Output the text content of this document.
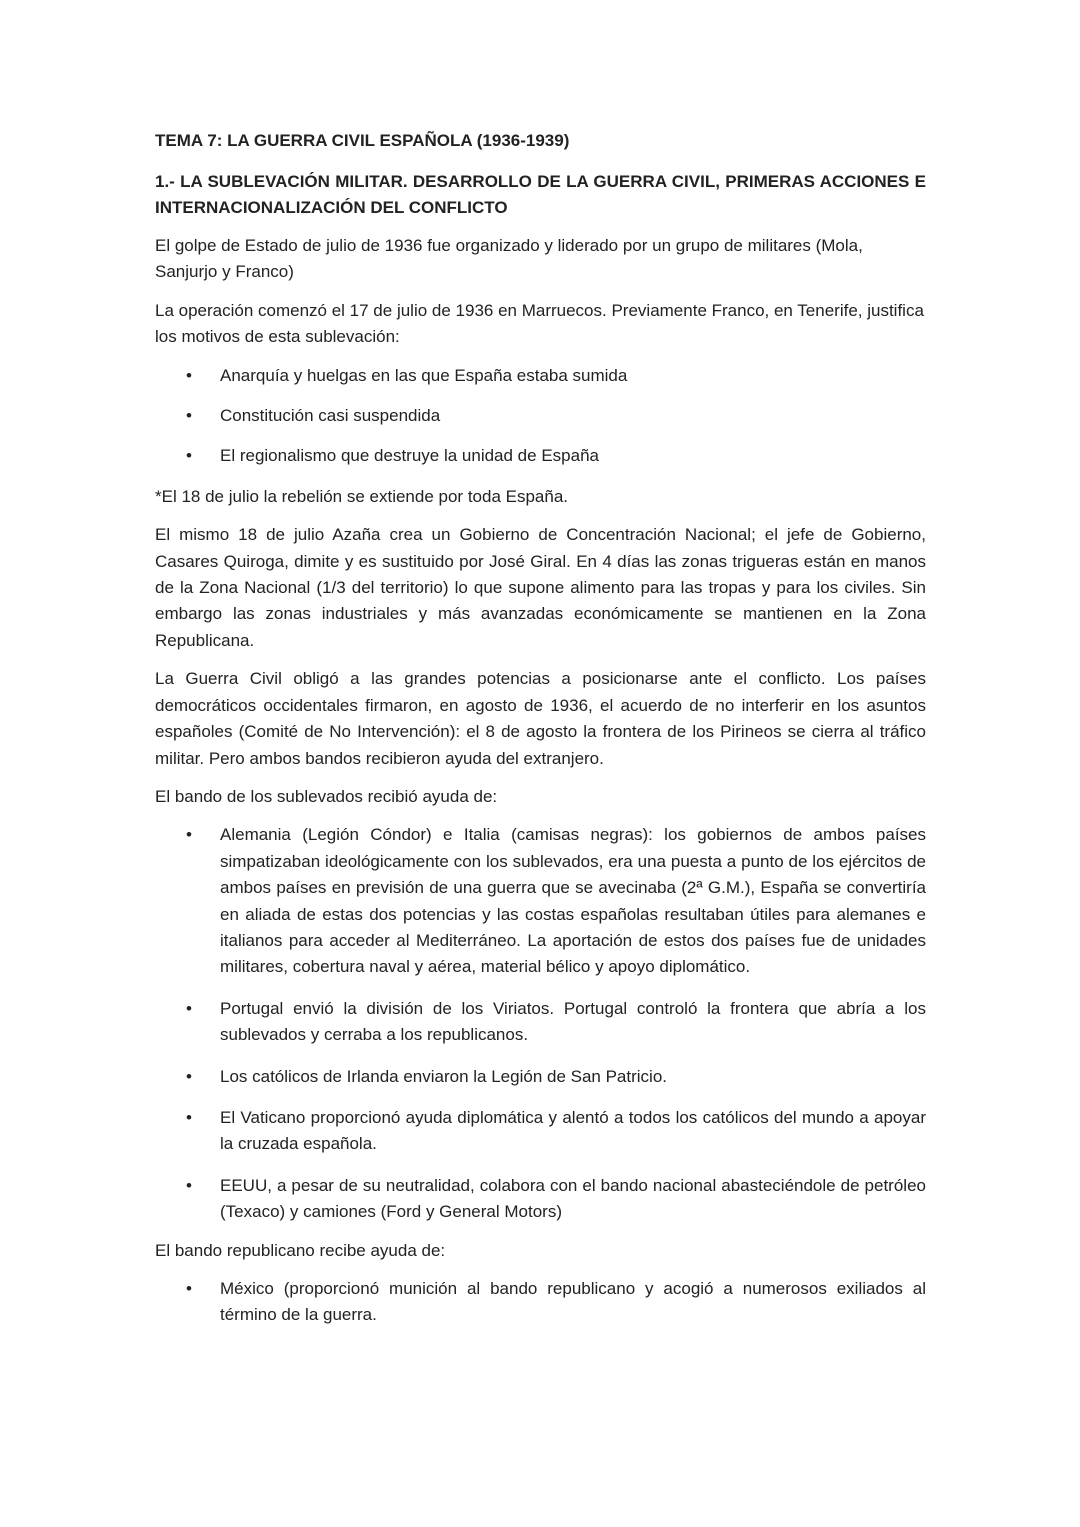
TEMA 7: LA GUERRA CIVIL ESPAÑOLA (1936-1939)
1.- LA SUBLEVACIÓN MILITAR. DESARROLLO DE LA GUERRA CIVIL, PRIMERAS ACCIONES E INTERNACIONALIZACIÓN DEL CONFLICTO

El golpe de Estado de julio de 1936 fue organizado y liderado por un grupo de militares (Mola, Sanjurjo y Franco)

La operación comenzó el 17 de julio de 1936 en Marruecos. Previamente Franco, en Tenerife, justifica los motivos de esta sublevación:

• Anarquía y huelgas en las que España estaba sumida
• Constitución casi suspendida
• El regionalismo que destruye la unidad de España

*El 18 de julio la rebelión se extiende por toda España.

El mismo 18 de julio Azaña crea un Gobierno de Concentración Nacional; el jefe de Gobierno, Casares Quiroga, dimite y es sustituido por José Giral. En 4 días las zonas trigueras están en manos de la Zona Nacional (1/3 del territorio) lo que supone alimento para las tropas y para los civiles. Sin embargo las zonas industriales y más avanzadas económicamente se mantienen en la Zona Republicana.

La Guerra Civil obligó a las grandes potencias a posicionarse ante el conflicto. Los países democráticos occidentales firmaron, en agosto de 1936, el acuerdo de no interferir en los asuntos españoles (Comité de No Intervención): el 8 de agosto la frontera de los Pirineos se cierra al tráfico militar. Pero ambos bandos recibieron ayuda del extranjero.

El bando de los sublevados recibió ayuda de:

• Alemania (Legión Cóndor) e Italia (camisas negras): los gobiernos de ambos países simpatizaban ideológicamente con los sublevados, era una puesta a punto de los ejércitos de ambos países en previsión de una guerra que se avecinaba (2ª G.M.), España se convertiría en aliada de estas dos potencias y las costas españolas resultaban útiles para alemanes e italianos para acceder al Mediterráneo. La aportación de estos dos países fue de unidades militares, cobertura naval y aérea, material bélico y apoyo diplomático.
• Portugal envió la división de los Viriatos. Portugal controló la frontera que abría a los sublevados y cerraba a los republicanos.
• Los católicos de Irlanda enviaron la Legión de San Patricio.
• El Vaticano proporcionó ayuda diplomática y alentó a todos los católicos del mundo a apoyar la cruzada española.
• EEUU, a pesar de su neutralidad, colabora con el bando nacional abasteciéndole de petróleo (Texaco) y camiones (Ford y General Motors)

El bando republicano recibe ayuda de:

• México (proporcionó munición al bando republicano y acogió a numerosos exiliados al término de la guerra.
